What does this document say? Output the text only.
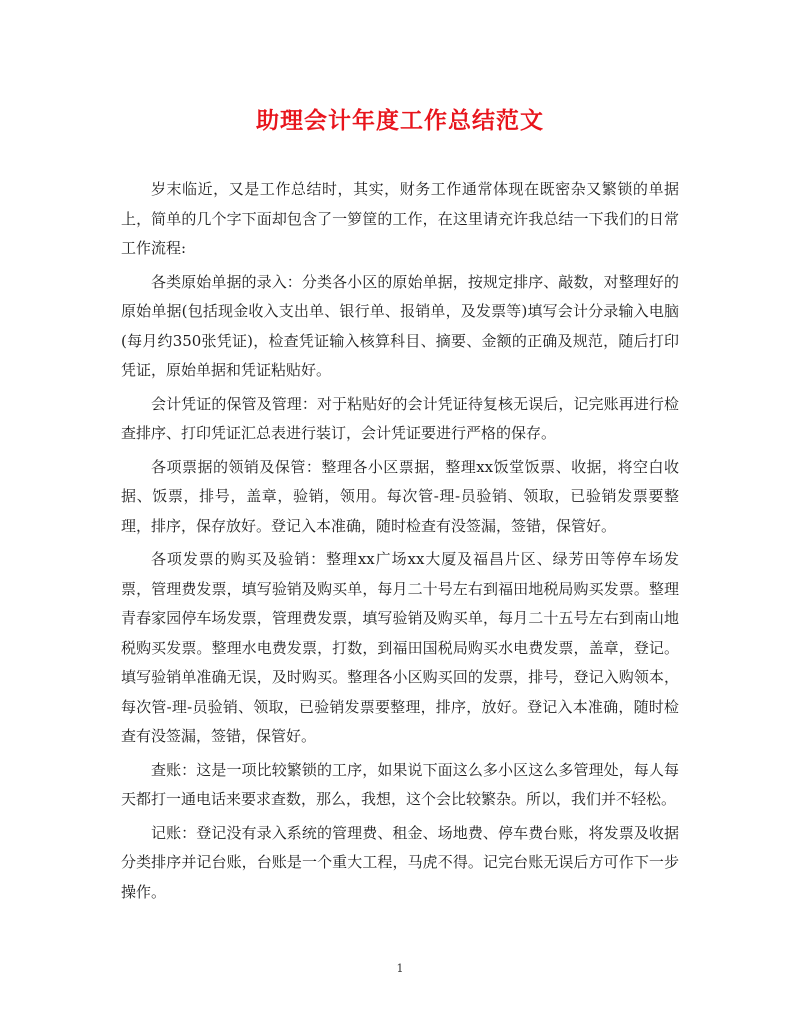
助理会计年度工作总结范文

岁末临近，又是工作总结时，其实，财务工作通常体现在既密杂又繁锁的单据上，简单的几个字下面却包含了一箩筐的工作，在这里请充许我总结一下我们的日常工作流程:

各类原始单据的录入：分类各小区的原始单据，按规定排序、敲数，对整理好的原始单据(包括现金收入支出单、银行单、报销单，及发票等)填写会计分录输入电脑(每月约350张凭证)，检查凭证输入核算科目、摘要、金额的正确及规范，随后打印凭证，原始单据和凭证粘贴好。

会计凭证的保管及管理：对于粘贴好的会计凭证待复核无误后，记完账再进行检查排序、打印凭证汇总表进行装订，会计凭证要进行严格的保存。

各项票据的领销及保管：整理各小区票据，整理xx饭堂饭票、收据，将空白收据、饭票，排号，盖章，验销，领用。每次管-理-员验销、领取，已验销发票要整理，排序，保存放好。登记入本准确，随时检查有没签漏，签错，保管好。

各项发票的购买及验销：整理xx广场xx大厦及福昌片区、绿芳田等停车场发票，管理费发票，填写验销及购买单，每月二十号左右到福田地税局购买发票。整理青春家园停车场发票，管理费发票，填写验销及购买单，每月二十五号左右到南山地税购买发票。整理水电费发票，打数，到福田国税局购买水电费发票，盖章，登记。填写验销单准确无误，及时购买。整理各小区购买回的发票，排号，登记入购领本，每次管-理-员验销、领取，已验销发票要整理，排序，放好。登记入本准确，随时检查有没签漏，签错，保管好。

查账：这是一项比较繁锁的工序，如果说下面这么多小区这么多管理处，每人每天都打一通电话来要求查数，那么，我想，这个会比较繁杂。所以，我们并不轻松。

记账：登记没有录入系统的管理费、租金、场地费、停车费台账，将发票及收据分类排序并记台账，台账是一个重大工程，马虎不得。记完台账无误后方可作下一步操作。

1
